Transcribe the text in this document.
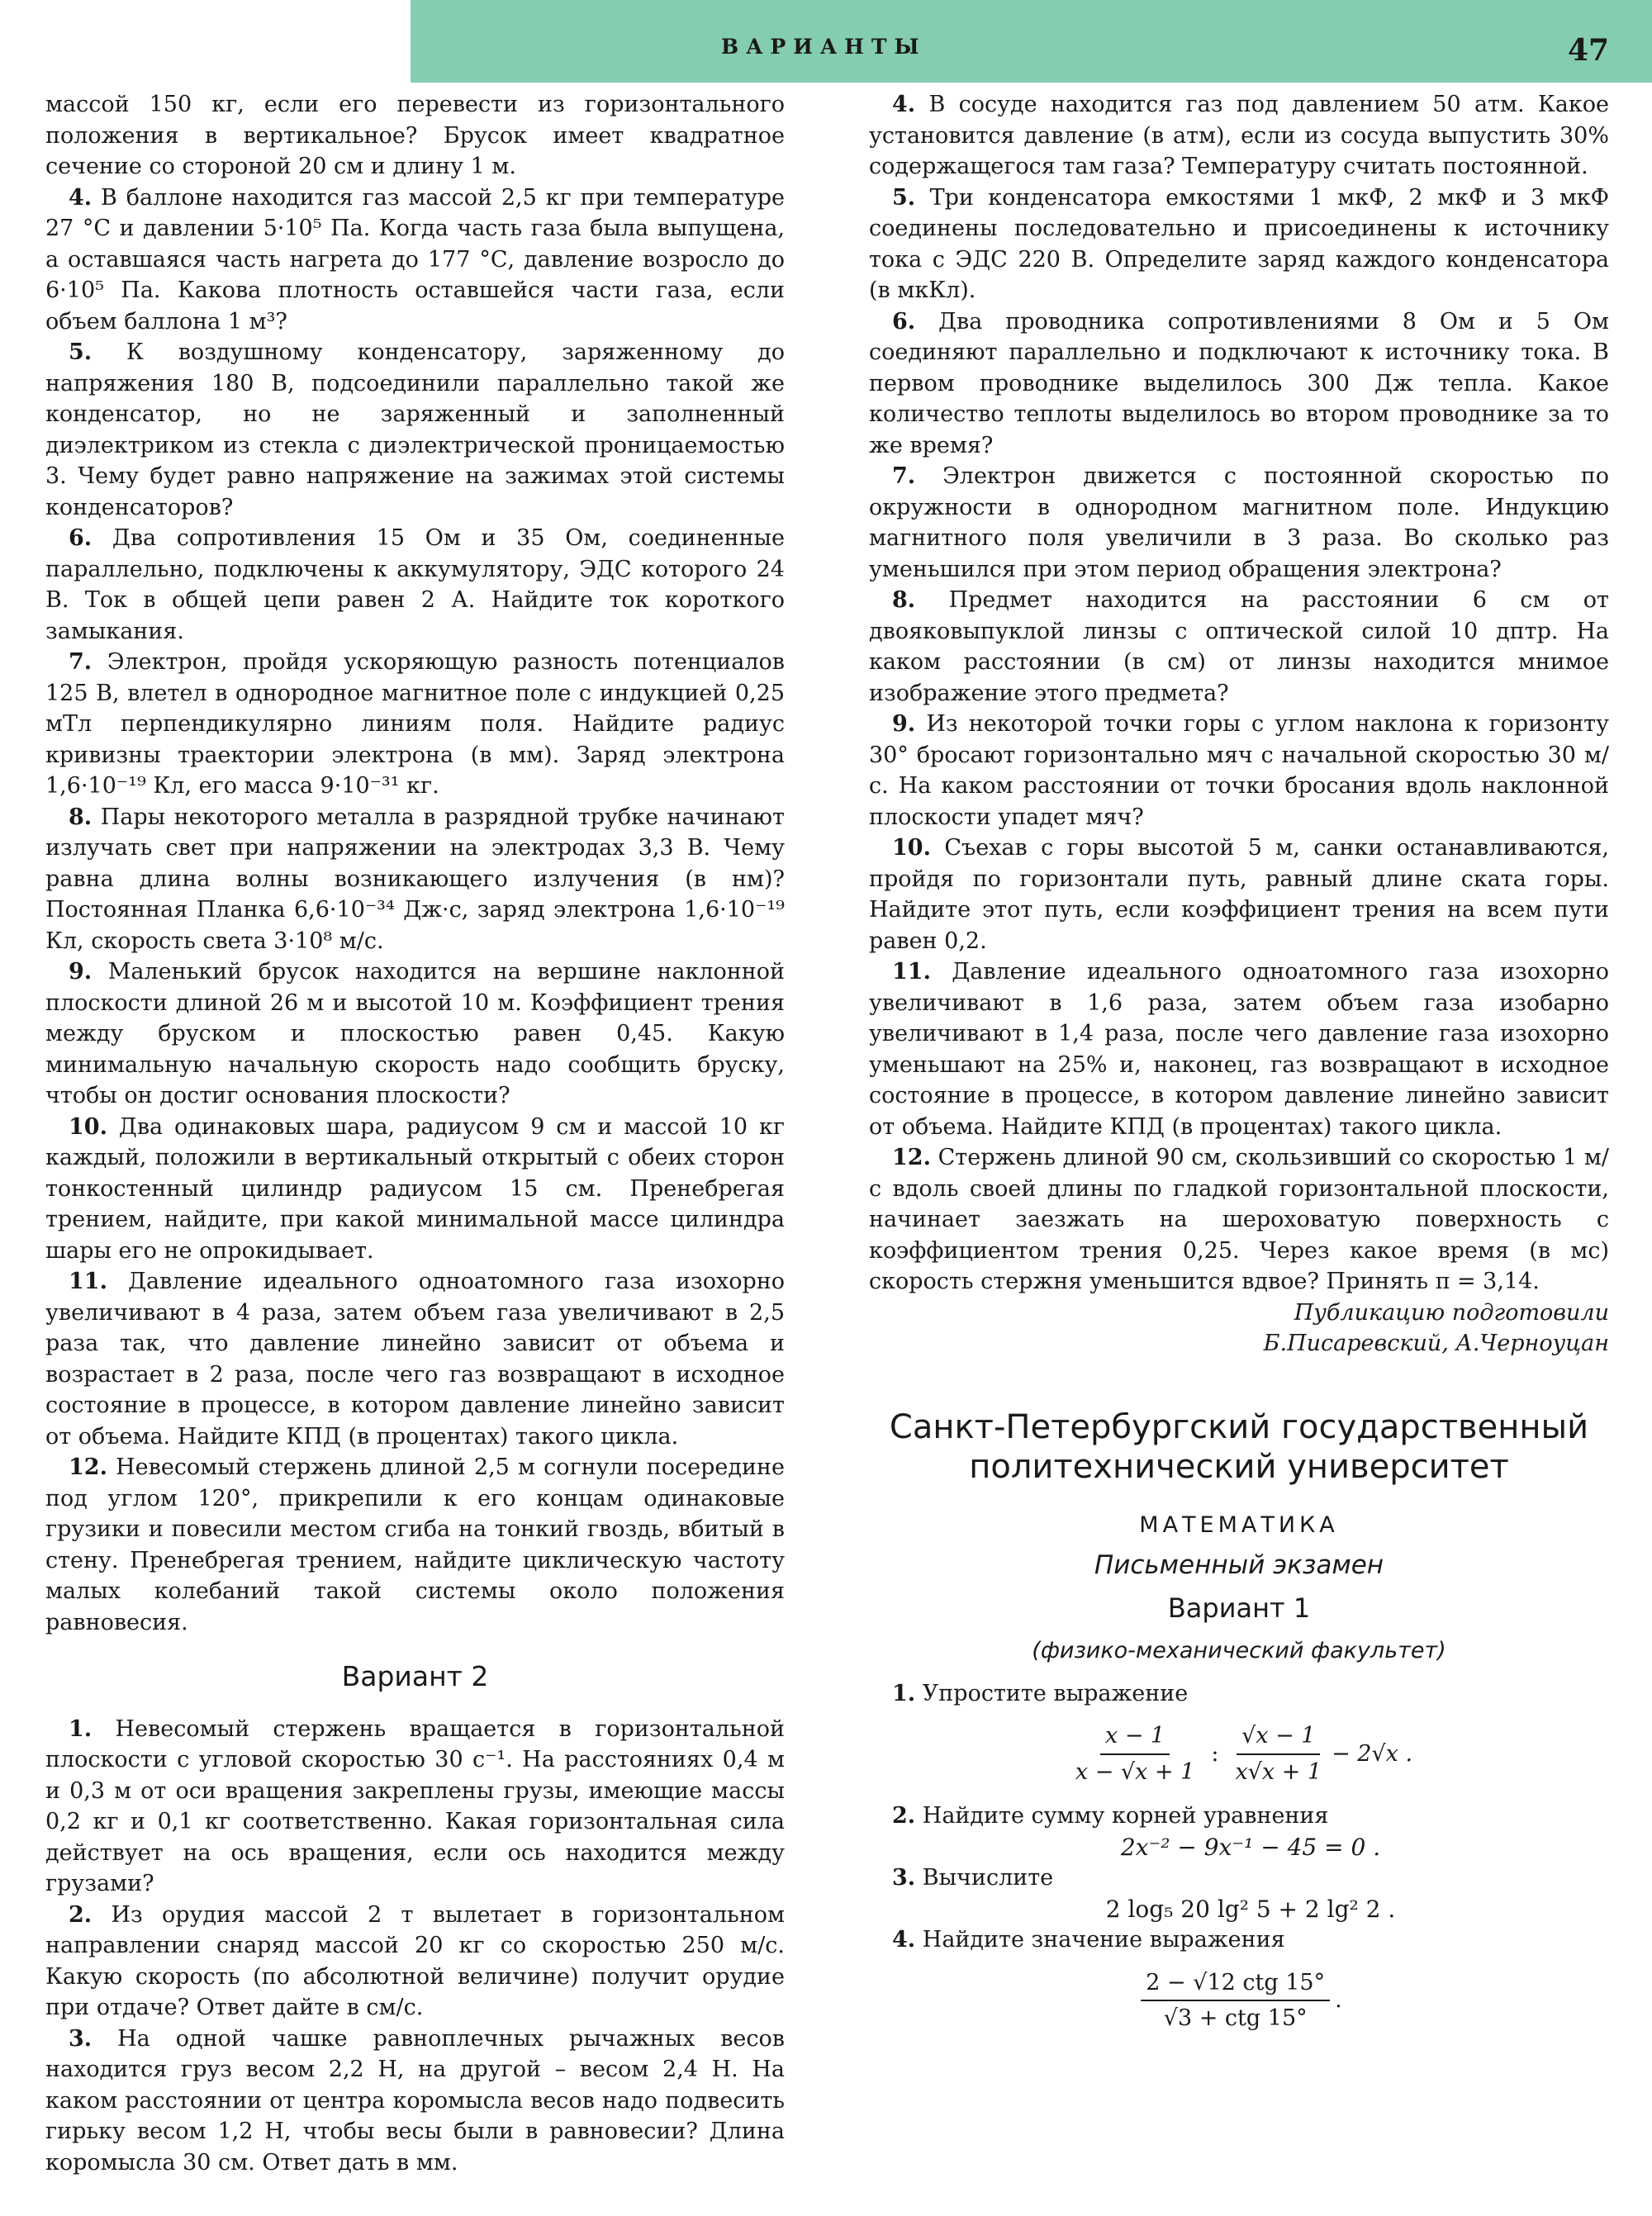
ВАРИАНТЫ	47

массой 150 кг, если его перевести из горизонтального положения в вертикальное? Брусок имеет квадратное сечение со стороной 20 см и длину 1 м.

4. В баллоне находится газ массой 2,5 кг при температуре 27 °С и давлении 5·10⁵ Па. Когда часть газа была выпущена, а оставшаяся часть нагрета до 177 °С, давление возросло до 6·10⁵ Па. Какова плотность оставшейся части газа, если объем баллона 1 м³?

5. К воздушному конденсатору, заряженному до напряжения 180 В, подсоединили параллельно такой же конденсатор, но не заряженный и заполненный диэлектриком из стекла с диэлектрической проницаемостью 3. Чему будет равно напряжение на зажимах этой системы конденсаторов?

6. Два сопротивления 15 Ом и 35 Ом, соединенные параллельно, подключены к аккумулятору, ЭДС которого 24 В. Ток в общей цепи равен 2 А. Найдите ток короткого замыкания.

7. Электрон, пройдя ускоряющую разность потенциалов 125 В, влетел в однородное магнитное поле с индукцией 0,25 мТл перпендикулярно линиям поля. Найдите радиус кривизны траектории электрона (в мм). Заряд электрона 1,6·10⁻¹⁹ Кл, его масса 9·10⁻³¹ кг.

8. Пары некоторого металла в разрядной трубке начинают излучать свет при напряжении на электродах 3,3 В. Чему равна длина волны возникающего излучения (в нм)? Постоянная Планка 6,6·10⁻³⁴ Дж·с, заряд электрона 1,6·10⁻¹⁹ Кл, скорость света 3·10⁸ м/с.

9. Маленький брусок находится на вершине наклонной плоскости длиной 26 м и высотой 10 м. Коэффициент трения между бруском и плоскостью равен 0,45. Какую минимальную начальную скорость надо сообщить бруску, чтобы он достиг основания плоскости?

10. Два одинаковых шара, радиусом 9 см и массой 10 кг каждый, положили в вертикальный открытый с обеих сторон тонкостенный цилиндр радиусом 15 см. Пренебрегая трением, найдите, при какой минимальной массе цилиндра шары его не опрокидывает.

11. Давление идеального одноатомного газа изохорно увеличивают в 4 раза, затем объем газа увеличивают в 2,5 раза так, что давление линейно зависит от объема и возрастает в 2 раза, после чего газ возвращают в исходное состояние в процессе, в котором давление линейно зависит от объема. Найдите КПД (в процентах) такого цикла.

12. Невесомый стержень длиной 2,5 м согнули посередине под углом 120°, прикрепили к его концам одинаковые грузики и повесили местом сгиба на тонкий гвоздь, вбитый в стену. Пренебрегая трением, найдите циклическую частоту малых колебаний такой системы около положения равновесия.

Вариант 2

1. Невесомый стержень вращается в горизонтальной плоскости с угловой скоростью 30 с⁻¹. На расстояниях 0,4 м и 0,3 м от оси вращения закреплены грузы, имеющие массы 0,2 кг и 0,1 кг соответственно. Какая горизонтальная сила действует на ось вращения, если ось находится между грузами?

2. Из орудия массой 2 т вылетает в горизонтальном направлении снаряд массой 20 кг со скоростью 250 м/с. Какую скорость (по абсолютной величине) получит орудие при отдаче? Ответ дайте в см/с.

3. На одной чашке равноплечных рычажных весов находится груз весом 2,2 Н, на другой – весом 2,4 Н. На каком расстоянии от центра коромысла весов надо подвесить гирьку весом 1,2 Н, чтобы весы были в равновесии? Длина коромысла 30 см. Ответ дать в мм.

4. В сосуде находится газ под давлением 50 атм. Какое установится давление (в атм), если из сосуда выпустить 30% содержащегося там газа? Температуру считать постоянной.

5. Три конденсатора емкостями 1 мкФ, 2 мкФ и 3 мкФ соединены последовательно и присоединены к источнику тока с ЭДС 220 В. Определите заряд каждого конденсатора (в мкКл).

6. Два проводника сопротивлениями 8 Ом и 5 Ом соединяют параллельно и подключают к источнику тока. В первом проводнике выделилось 300 Дж тепла. Какое количество теплоты выделилось во втором проводнике за то же время?

7. Электрон движется с постоянной скоростью по окружности в однородном магнитном поле. Индукцию магнитного поля увеличили в 3 раза. Во сколько раз уменьшился при этом период обращения электрона?

8. Предмет находится на расстоянии 6 см от двояковыпуклой линзы с оптической силой 10 дптр. На каком расстоянии (в см) от линзы находится мнимое изображение этого предмета?

9. Из некоторой точки горы с углом наклона к горизонту 30° бросают горизонтально мяч с начальной скоростью 30 м/с. На каком расстоянии от точки бросания вдоль наклонной плоскости упадет мяч?

10. Съехав с горы высотой 5 м, санки останавливаются, пройдя по горизонтали путь, равный длине ската горы. Найдите этот путь, если коэффициент трения на всем пути равен 0,2.

11. Давление идеального одноатомного газа изохорно увеличивают в 1,6 раза, затем объем газа изобарно увеличивают в 1,4 раза, после чего давление газа изохорно уменьшают на 25% и, наконец, газ возвращают в исходное состояние в процессе, в котором давление линейно зависит от объема. Найдите КПД (в процентах) такого цикла.

12. Стержень длиной 90 см, скользивший со скоростью 1 м/с вдоль своей длины по гладкой горизонтальной плоскости, начинает заезжать на шероховатую поверхность с коэффициентом трения 0,25. Через какое время (в мс) скорость стержня уменьшится вдвое? Принять π = 3,14.

Публикацию подготовили

Б.Писаревский, А.Черноуцан

Санкт-Петербургский государственный политехнический университет
МАТЕМАТИКА
Письменный экзамен
Вариант 1
(физико-механический факультет)

1. Упростите выражение

$\frac{x - 1}{x - √x + 1}$ : $\frac{√x - 1}{x√x + 1} - 2√x$ .

2. Найдите сумму корней уравнения

2x⁻² − 9x⁻¹ − 45 = 0 .

3. Вычислите

2 log₅ 20 lg² 5 + 2 lg² 2 .

4. Найдите значение выражения

$\frac{\text{2 − √12 ctg 15°}}{\text{√3 + ctg 15°}}$ .
